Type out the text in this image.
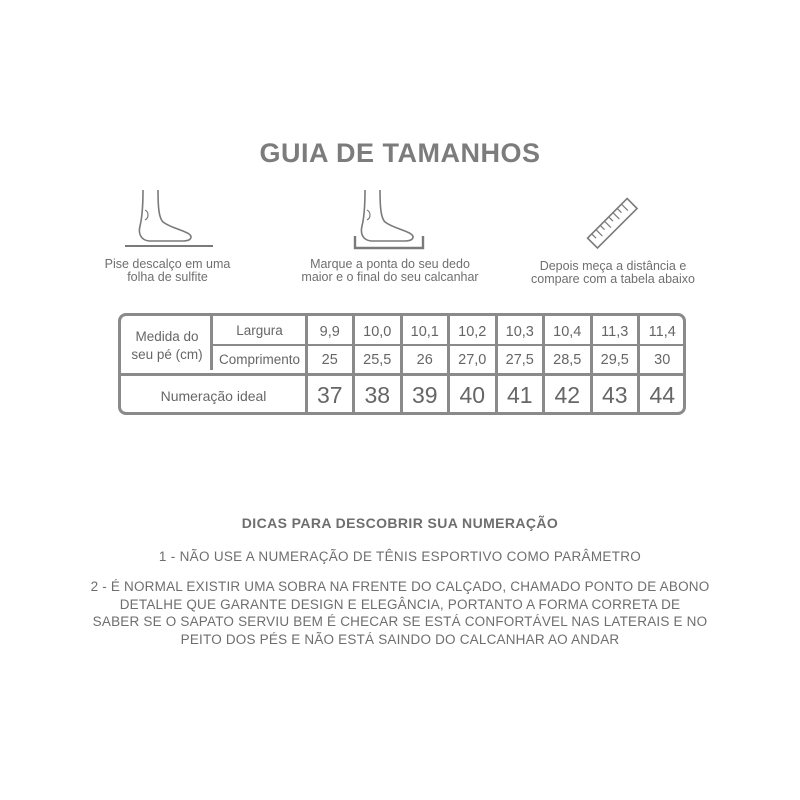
GUIA DE TAMANHOS
Pise descalço em uma
folha de sulfite
Marque a ponta do seu dedo
maior e o final do seu calcanhar
Depois meça a distância e
compare com a tabela abaixo
Medida do
seu pé (cm)
Largura
Comprimento
Numeração ideal
9,9
25
37
10,0
25,5
38
10,1
26
39
10,2
27,0
40
10,3
27,5
41
10,4
28,5
42
11,3
29,5
43
11,4
30
44
DICAS PARA DESCOBRIR SUA NUMERAÇÃO
1 - NÃO USE A NUMERAÇÃO DE TÊNIS ESPORTIVO COMO PARÂMETRO
2 - É NORMAL EXISTIR UMA SOBRA NA FRENTE DO CALÇADO, CHAMADO PONTO DE ABONO
DETALHE QUE GARANTE DESIGN E ELEGÂNCIA, PORTANTO A FORMA CORRETA DE
SABER SE O SAPATO SERVIU BEM É CHECAR SE ESTÁ CONFORTÁVEL NAS LATERAIS E NO
PEITO DOS PÉS E NÃO ESTÁ SAINDO DO CALCANHAR AO ANDAR
